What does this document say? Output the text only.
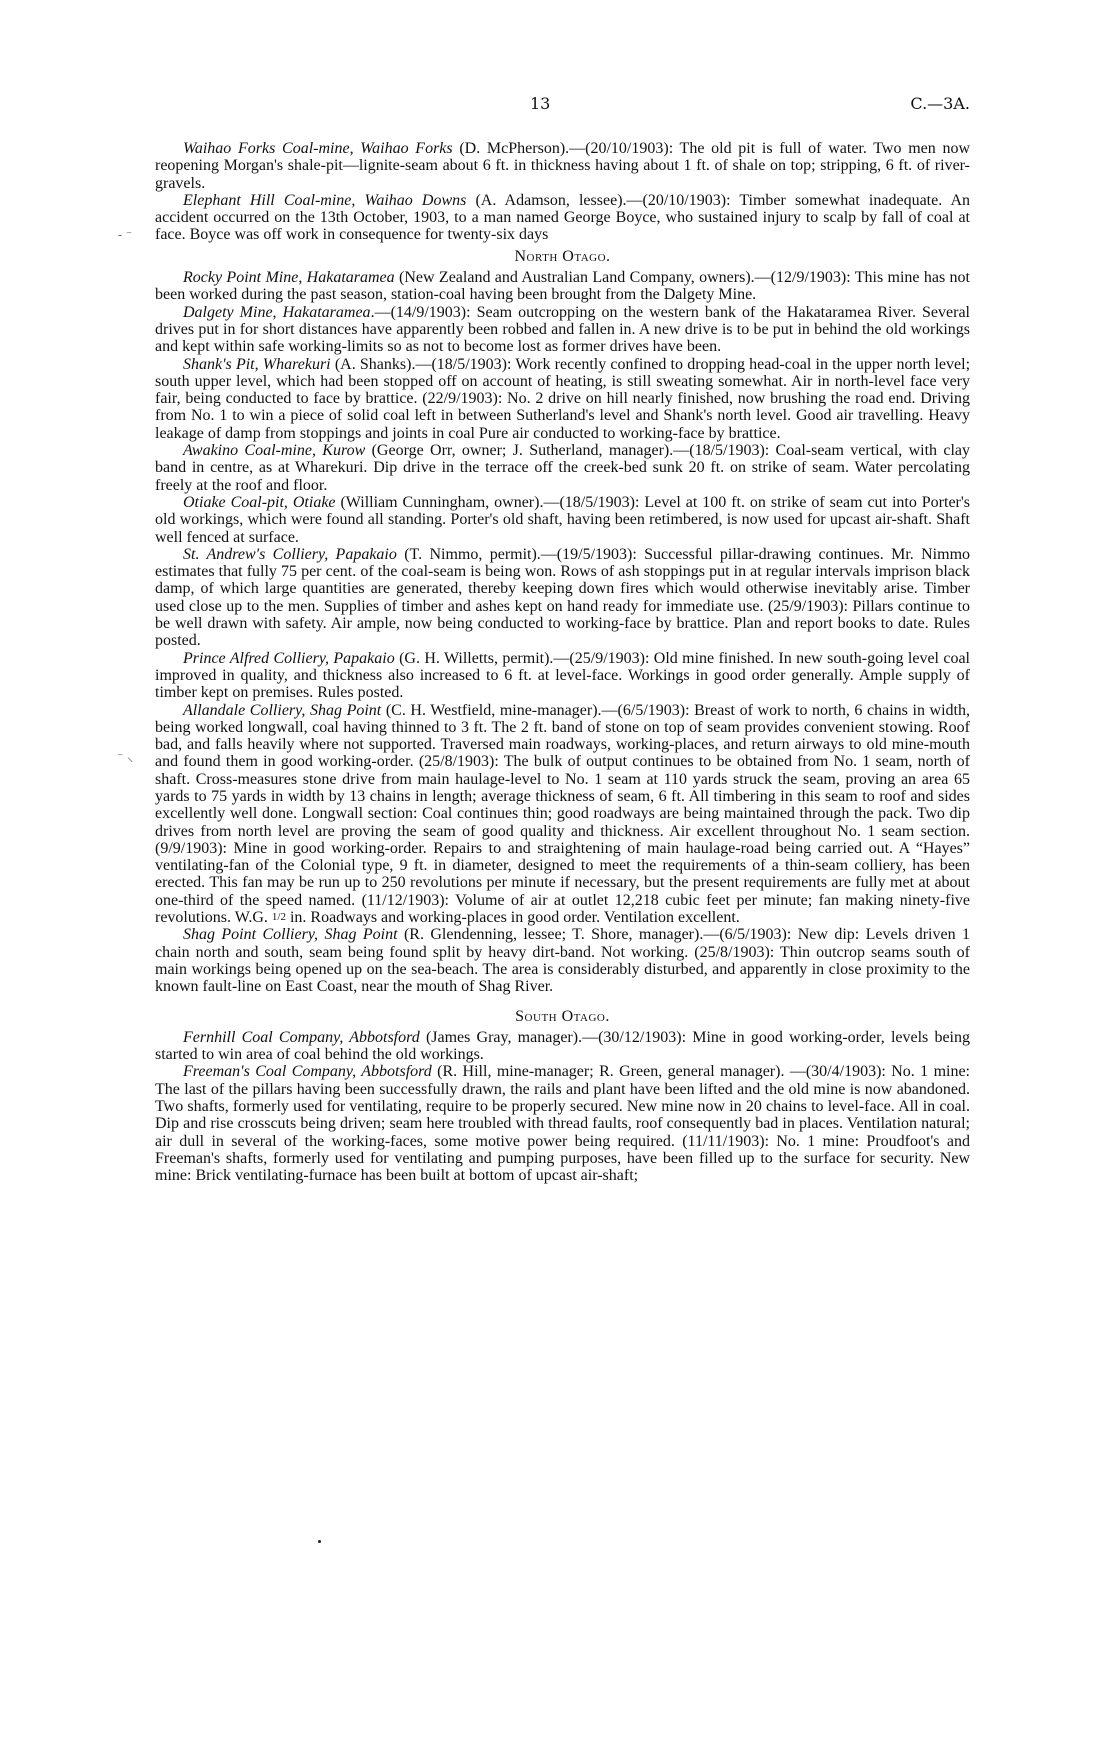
13	C.—3A.
- ⁻
⁻ ⸜

Waihao Forks Coal-mine, Waihao Forks (D. McPherson).—(20/10/1903): The old pit is full of water. Two men now reopening Morgan's shale-pit—lignite-seam about 6 ft. in thickness having about 1 ft. of shale on top; stripping, 6 ft. of river-gravels.

Elephant Hill Coal-mine, Waihao Downs (A. Adamson, lessee).—(20/10/1903): Timber somewhat inadequate. An accident occurred on the 13th October, 1903, to a man named George Boyce, who sustained injury to scalp by fall of coal at face. Boyce was off work in consequence for twenty-six days

North Otago.

Rocky Point Mine, Hakataramea (New Zealand and Australian Land Company, owners).—(12/9/1903): This mine has not been worked during the past season, station-coal having been brought from the Dalgety Mine.

Dalgety Mine, Hakataramea.—(14/9/1903): Seam outcropping on the western bank of the Hakataramea River. Several drives put in for short distances have apparently been robbed and fallen in. A new drive is to be put in behind the old workings and kept within safe working-limits so as not to become lost as former drives have been.

Shank's Pit, Wharekuri (A. Shanks).—(18/5/1903): Work recently confined to dropping head-coal in the upper north level; south upper level, which had been stopped off on account of heating, is still sweating somewhat. Air in north-level face very fair, being conducted to face by brattice. (22/9/1903): No. 2 drive on hill nearly finished, now brushing the road end. Driving from No. 1 to win a piece of solid coal left in between Sutherland's level and Shank's north level. Good air travelling. Heavy leakage of damp from stoppings and joints in coal Pure air conducted to working-face by brattice.

Awakino Coal-mine, Kurow (George Orr, owner; J. Sutherland, manager).—(18/5/1903): Coal-seam vertical, with clay band in centre, as at Wharekuri. Dip drive in the terrace off the creek-bed sunk 20 ft. on strike of seam. Water percolating freely at the roof and floor.

Otiake Coal-pit, Otiake (William Cunningham, owner).—(18/5/1903): Level at 100 ft. on strike of seam cut into Porter's old workings, which were found all standing. Porter's old shaft, having been retimbered, is now used for upcast air-shaft. Shaft well fenced at surface.

St. Andrew's Colliery, Papakaio (T. Nimmo, permit).—(19/5/1903): Successful pillar-drawing continues. Mr. Nimmo estimates that fully 75 per cent. of the coal-seam is being won. Rows of ash stoppings put in at regular intervals imprison black damp, of which large quantities are generated, thereby keeping down fires which would otherwise inevitably arise. Timber used close up to the men. Supplies of timber and ashes kept on hand ready for immediate use. (25/9/1903): Pillars continue to be well drawn with safety. Air ample, now being conducted to working-face by brattice. Plan and report books to date. Rules posted.

Prince Alfred Colliery, Papakaio (G. H. Willetts, permit).—(25/9/1903): Old mine finished. In new south-going level coal improved in quality, and thickness also increased to 6 ft. at level-face. Workings in good order generally. Ample supply of timber kept on premises. Rules posted.

Allandale Colliery, Shag Point (C. H. Westfield, mine-manager).—(6/5/1903): Breast of work to north, 6 chains in width, being worked longwall, coal having thinned to 3 ft. The 2 ft. band of stone on top of seam provides convenient stowing. Roof bad, and falls heavily where not supported. Traversed main roadways, working-places, and return airways to old mine-mouth and found them in good working-order. (25/8/1903): The bulk of output continues to be obtained from No. 1 seam, north of shaft. Cross-measures stone drive from main haulage-level to No. 1 seam at 110 yards struck the seam, proving an area 65 yards to 75 yards in width by 13 chains in length; average thickness of seam, 6 ft. All timbering in this seam to roof and sides excellently well done. Longwall section: Coal continues thin; good roadways are being maintained through the pack. Two dip drives from north level are proving the seam of good quality and thickness. Air excellent throughout No. 1 seam section. (9/9/1903): Mine in good working-order. Repairs to and straightening of main haulage-road being carried out. A “Hayes” ventilating-fan of the Colonial type, 9 ft. in diameter, designed to meet the requirements of a thin-seam colliery, has been erected. This fan may be run up to 250 revolutions per minute if necessary, but the present requirements are fully met at about one-third of the speed named. (11/12/1903): Volume of air at outlet 12,218 cubic feet per minute; fan making ninety-five revolutions. W.G. 1/2 in. Roadways and working-places in good order. Ventilation excellent.

Shag Point Colliery, Shag Point (R. Glendenning, lessee; T. Shore, manager).—(6/5/1903): New dip: Levels driven 1 chain north and south, seam being found split by heavy dirt-band. Not working. (25/8/1903): Thin outcrop seams south of main workings being opened up on the sea-beach. The area is considerably disturbed, and apparently in close proximity to the known fault-line on East Coast, near the mouth of Shag River.

South Otago.

Fernhill Coal Company, Abbotsford (James Gray, manager).—(30/12/1903): Mine in good working-order, levels being started to win area of coal behind the old workings.

Freeman's Coal Company, Abbotsford (R. Hill, mine-manager; R. Green, general manager). —(30/4/1903): No. 1 mine: The last of the pillars having been successfully drawn, the rails and plant have been lifted and the old mine is now abandoned. Two shafts, formerly used for ventilating, require to be properly secured. New mine now in 20 chains to level-face. All in coal. Dip and rise crosscuts being driven; seam here troubled with thread faults, roof consequently bad in places. Ventilation natural; air dull in several of the working-faces, some motive power being required. (11/11/1903): No. 1 mine: Proudfoot's and Freeman's shafts, formerly used for ventilating and pumping purposes, have been filled up to the surface for security. New mine: Brick ventilating-furnace has been built at bottom of upcast air-shaft;
